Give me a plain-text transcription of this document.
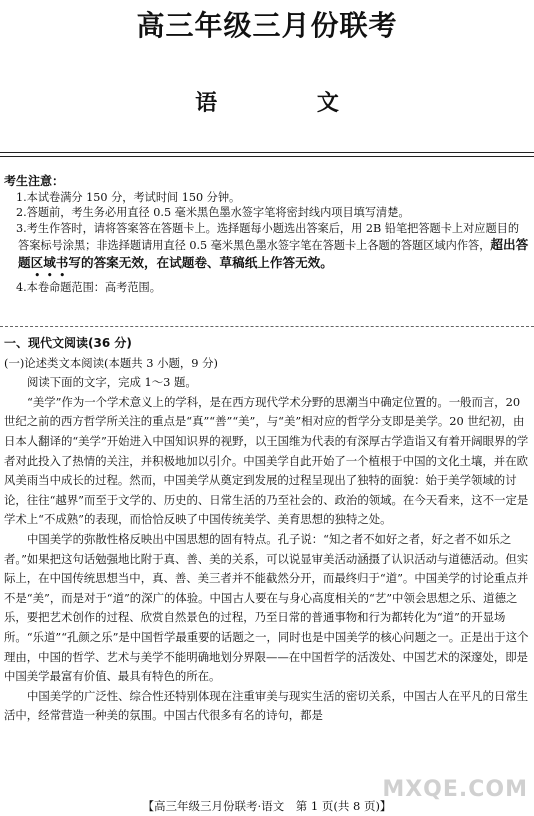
高三年级三月份联考
语 文
考生注意：
1.本试卷满分 150 分，考试时间 150 分钟。
2.答题前，考生务必用直径 0.5 毫米黑色墨水签字笔将密封线内项目填写清楚。
3.考生作答时，请将答案答在答题卡上。选择题每小题选出答案后，用 2B 铅笔把答题卡上对应题目的答案标号涂黑；非选择题请用直径 0.5 毫米黑色墨水签字笔在答题卡上各题的答题区域内作答，超出答题区域书写的答案无效，在试题卷、草稿纸上作答无效。
•••
4.本卷命题范围：高考范围。

一、现代文阅读(36 分)

(一)论述类文本阅读(本题共 3 小题，9 分)

阅读下面的文字，完成 1～3 题。

“美学”作为一个学术意义上的学科，是在西方现代学术分野的思潮当中确定位置的。一般而言，20 世纪之前的西方哲学所关注的重点是“真”“善”“美”，与“美”相对应的哲学分支即是美学。20 世纪初，由日本人翻译的“美学”开始进入中国知识界的视野，以王国维为代表的有深厚古学造诣又有着开阔眼界的学者对此投入了热情的关注，并积极地加以引介。中国美学自此开始了一个植根于中国的文化土壤，并在欧风美雨当中成长的过程。然而，中国美学从奠定到发展的过程呈现出了独特的面貌：始于美学领域的讨论，往往“越界”而至于文学的、历史的、日常生活的乃至社会的、政治的领域。在今天看来，这不一定是学术上“不成熟”的表现，而恰恰反映了中国传统美学、美育思想的独特之处。

中国美学的弥散性格反映出中国思想的固有特点。孔子说：“知之者不如好之者，好之者不如乐之者。”如果把这句话勉强地比附于真、善、美的关系，可以说显审美活动涵摄了认识活动与道德活动。但实际上，在中国传统思想当中，真、善、美三者并不能截然分开，而最终归于“道”。中国美学的讨论重点并不是“美”，而是对于“道”的深广的体验。中国古人要在与身心高度相关的“艺”中领会思想之乐、道德之乐，要把艺术创作的过程、欣赏自然景色的过程，乃至日常的普通事物和行为都转化为“道”的开显场所。“乐道”“孔颜之乐”是中国哲学最重要的话题之一，同时也是中国美学的核心问题之一。正是出于这个理由，中国的哲学、艺术与美学不能明确地划分界限——在中国哲学的活泼处、中国艺术的深邃处，即是中国美学最富有价值、最具有特色的所在。

中国美学的广泛性、综合性还特别体现在注重审美与现实生活的密切关系，中国古人在平凡的日常生活中，经常营造一种美的氛围。中国古代很多有名的诗句，都是

MXQE.COM
【高三年级三月份联考·语文　第 1 页(共 8 页)】
